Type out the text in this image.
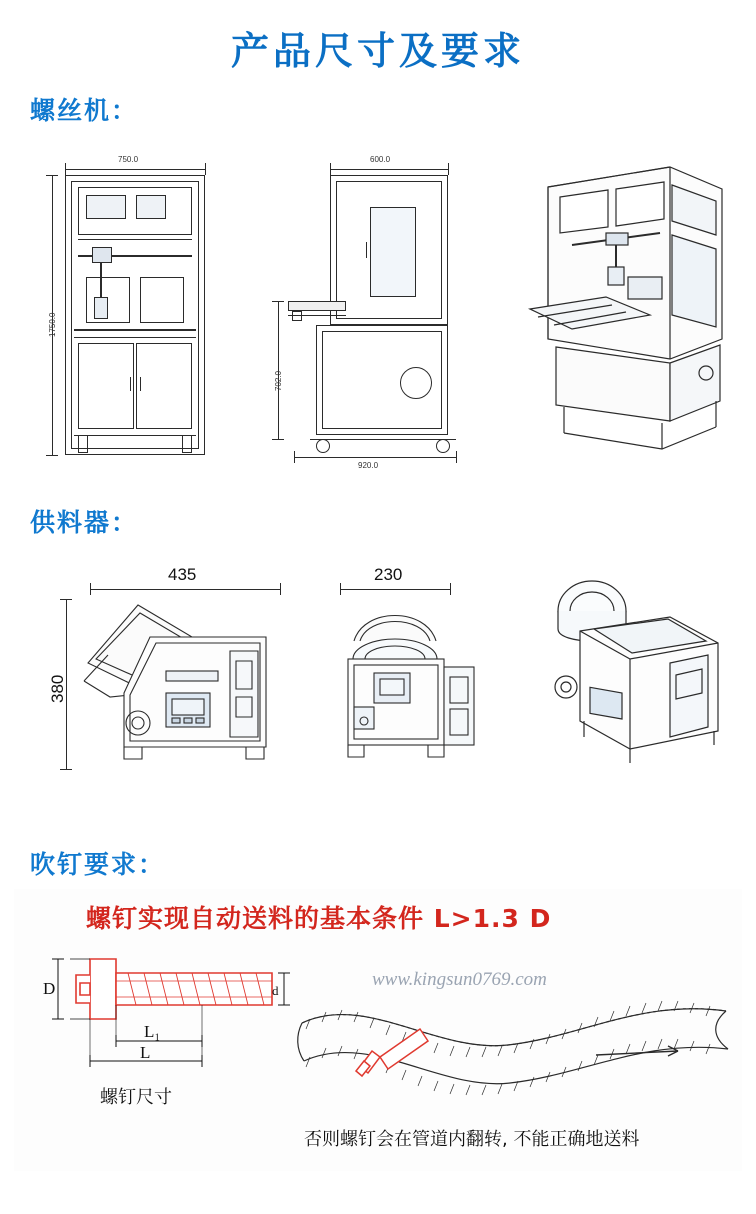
产品尺寸及要求
螺丝机：
750.0
1750.0
600.0
702.0
920.0
供料器：
435
380
230
吹钉要求：
螺钉实现自动送料的基本条件 L>1.3 D
www.kingsun0769.com
D	d
L₁
L
螺钉尺寸
否则螺钉会在管道内翻转, 不能正确地送料
